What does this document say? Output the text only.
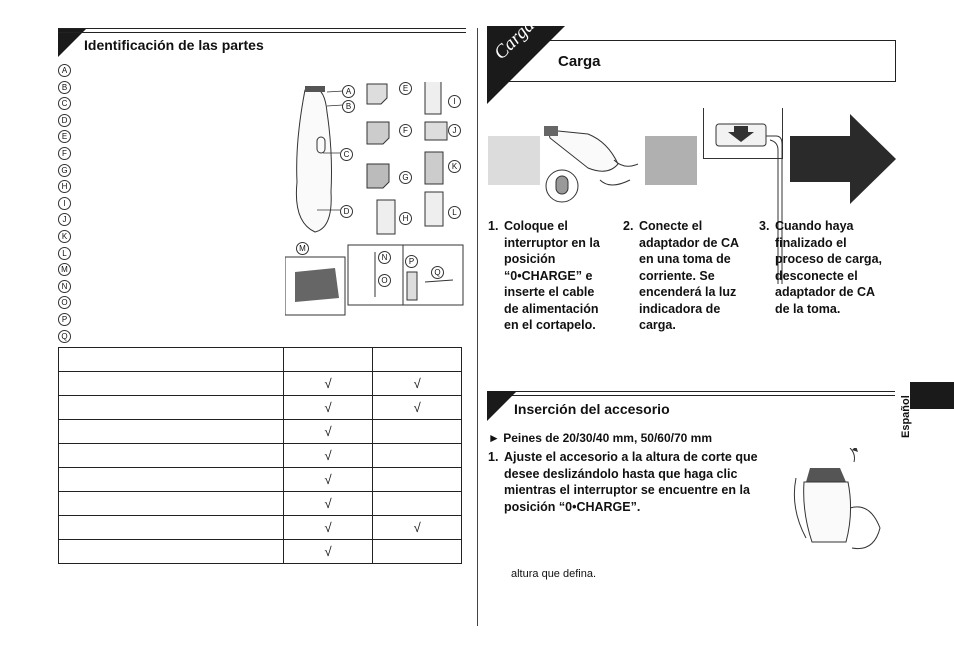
Identificación de las partes
A
B
C
D
E
F
G
H
I
J
K
L
M
N
O
P
Q
A
B
C
D
E
F
G
H
I
J
K
L
M
N
O
P
Q

	√	√
	√	√
	√	
	√	
	√	
	√	
	√	√
	√	
Carga Carga
1. Coloque el
interruptor en la
posición
“0•CHARGE” e
inserte el cable
de alimentación
en el cortapelo.
2. Conecte el
adaptador de CA
en una toma de
corriente. Se
encenderá la luz
indicadora de
carga.
3. Cuando haya
finalizado el
proceso de carga,
desconecte el
adaptador de CA
de la toma.
Inserción del accesorio
► Peines de 20/30/40 mm, 50/60/70 mm
1. Ajuste el accesorio a la altura de corte que
desee deslizándolo hasta que haga clic
mientras el interruptor se encuentre en la
posición “0•CHARGE”.
altura que defina.
Español
